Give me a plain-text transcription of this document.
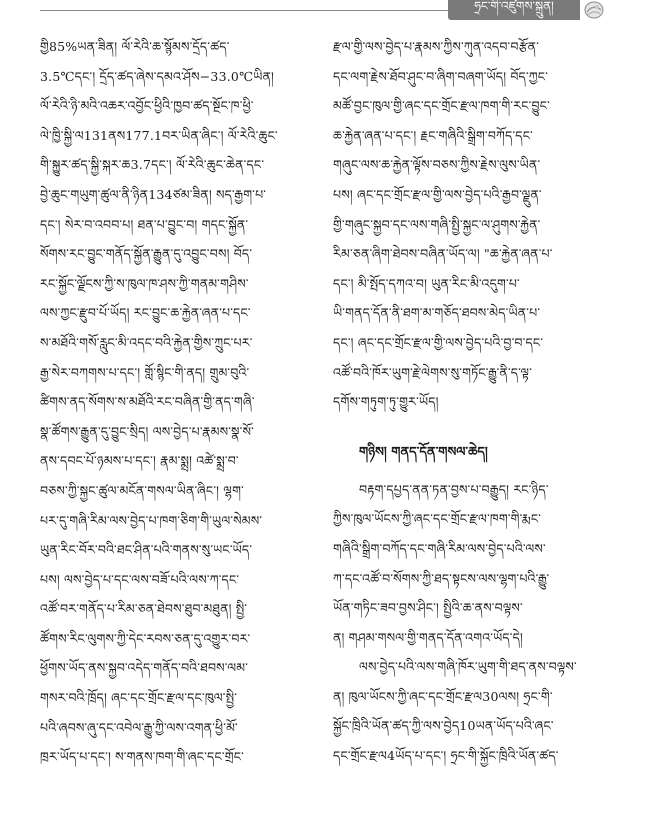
ཧྲང་གི་འཛུགས་སྐྲུན།
གྱི85%ཡན་ཟིན། ལོ་རེའི་ཆ་སྙོམས་དྲོད་ཚད་
3.5℃དང་། དྲོད་ཚད་ཞེས་དམའ་ཤོས−33.0℃ཡིན།
ལོ་རེའི་ཉི་མའི་འཆར་འབྱོང་ཕྱིའི་ཁྱབ་ཚད་སྔོང་ཁ་ཕྱི་
ལེ་ཁྱི་སྐྱི་ལ131ནས177.1བར་ཡིན་ཞིང་། ལོ་རེའི་ཆུང་
གི་སྐྱུར་ཚད་སྐྱི་སྐར་ཆ3.7དང་། ལོ་རེའི་ཆུང་ཆེན་དང་
བྱེ་ཆུང་གཡུག་ཚུལ་ནི་ཉིན134ཙམ་ཟིན། སད་རྒྱག་པ་
དང་། སེར་བ་འབབ་པ། ཐན་པ་བྱུང་བ། གདང་སྐྱོན་
སོགས་རང་བྱུང་གནོད་སྐྱོན་རྒྱུན་དུ་འབྱུང་བས། བོད་
རང་སྐྱོང་ལྗོངས་ཀྱི་ས་ཁུལ་ཁ་ཤས་ཀྱི་གནམ་གཤིས་
ལས་ཀྱང་རྫུབ་པོ་ཡོད། རང་བྱུང་ཆ་རྐྱེན་ཞན་པ་དང་
ས་མཐོའི་གསོ་རླུང་མི་འདང་བའི་རྐྱེན་གྱིས་ཀྲུང་པར་
རྒྱ་སེར་བཀགས་པ་དང་། གློ་སྙིང་གི་ནད། གྲུམ་བུའི་
ཚིགས་ནད་སོགས་ས་མཐོའི་རང་བཞིན་གྱི་ནད་གཞི་
སྣ་ཚོགས་རྒྱུན་དུ་བྱུང་སྲིད། ལས་བྱེད་པ་རྣམས་སྣ་སོ་
ནས་དབང་པོ་ཉམས་པ་དང་། རྣམ་སྨྲ། འཚེ་སྨྲ་བ་
བཅས་ཀྱི་སྐྱང་ཚུལ་མངོན་གསལ་ཡིན་ཞིང་། ལྷག་
པར་དུ་གཞི་རིམ་ལས་བྱེད་པ་ཁག་ཅིག་གི་ཡུལ་སེམས་
ཡུན་རིང་བོར་བའི་ཐང་ཤིན་པའི་གནས་སུ་ཡང་ཡོད་
པས། ལས་བྱེད་པ་དང་ལས་བཟོ་པའི་ལས་ཀ་དང་
འཚོ་བར་གནོད་པ་རིམ་ཅན་ཐེབས་ཐུབ་མཐུན། སྤྱི་
ཚོགས་རིང་ལུགས་ཀྱི་དེང་རབས་ཅན་དུ་འགྱུར་བར་
ཕྱོགས་ཡོད་ནས་སྐྱབ་འདེད་གནོད་བའི་ཐབས་ལམ་
གསར་བའི་ཁྲོད། ཞང་དང་གྲོང་རྫལ་དང་ཁུལ་སྤྱི་
པའི་ཞབས་ཞུ་དང་འབེལ་རྒྱུ་ཀྱི་ལས་འགན་ཕྱི་མོ་
ཁྲར་ཡོད་པ་དང་། ས་གནས་ཁག་གི་ཞང་དང་གྲོང་
རྫལ་གྱི་ལས་བྱེད་པ་རྣམས་ཀྱིས་ཀུན་འདབ་བརྩོན་
དང་ལག་རྗེས་ཐོབ་ཤུང་བ་ཞིག་བཞག་ཡོད། བོད་ཀྱང་
མཚོ་བྱང་ཁུལ་གྱི་ཞང་དང་གྲོང་རྫལ་ཁག་གི་རང་བྱུང་
ཆ་རྐྱེན་ཞན་པ་དང་། རྗང་གཞིའི་སྒྲིག་བཀོད་དང་
གཞུང་ལས་ཆ་རྐྱེན་ལྟོས་བཅས་ཀྱིས་རྗེས་ལུས་ཡིན་
པས། ཞང་དང་གྲོང་རྫལ་གྱི་ལས་བྱེད་པའི་རྒྱབ་ལྗུན་
གྱི་གཞུང་སྐྱབ་དང་ལས་གཞི་སྤྱི་སྐྱང་ལ་ཤུགས་རྐྱེན་
རིམ་ཅན་ཞིག་ཐེབས་བཞིན་ཡོད་ལ། "ཆ་རྐྱེན་ཞན་པ་
དང་། མི་སྤོད་དཀའ་བ། ཡུན་རིང་མི་འདུག་པ་
ཡི་གནད་དོན་ནི་ཐག་མ་གཅོད་ཐབས་མེད་ཡིན་པ་
དང་། ཞང་དང་གྲོང་རྫལ་གྱི་ལས་བྱེད་པའི་བྱ་བ་དང་
འཚོ་བའི་ཁོར་ཡུག་རྗེ་ལེགས་སུ་གཏོང་རྒྱུ་ནི་ད་ལྟ་
དགོས་གཏུག་ཏུ་གྱུར་ཡོད།
གཉིས། གནད་དོན་གསལ་ཆེད།
བརྟག་དཔྱད་ནན་ཏན་བྱས་པ་བརྒྱུད། རང་ཉིད་
ཀྱིས་ཁུལ་ཡོངས་ཀྱི་ཞང་དང་གྲོང་རྫལ་ཁག་གི་རྨང་
གཞིའི་སྒྲིག་བཀོད་དང་གཞི་རིམ་ལས་བྱེད་པའི་ལས་
ཀ་དང་འཚོ་བ་སོགས་ཀྱི་ཐད་སྟངས་ལས་ལྷག་པའི་རྒྱུ་
ཡོན་གཏིང་ཟབ་བྱས་ཤིང་། སྤྱིའི་ཆ་ནས་བལྟས་
ན། གཤམ་གསལ་གྱི་གནད་དོན་འགའ་ཡོད་དེ།
ལས་བྱེད་པའི་ལས་གཞི་ཁོར་ཡུག་གི་ཐད་ནས་བལྟས་
ན། ཁུལ་ཡོངས་ཀྱི་ཞང་དང་གྲོང་རྫལ30ལས། ཧྲང་གི་
སྐྱོང་ཁྲིའི་ཡོན་ཚད་ཀྱི་ལས་བྱེད10ཡན་ཡོད་པའི་ཞང་
དང་གྲོང་རྫལ4ཡོད་པ་དང་། ཧྲང་གི་སྐྱོང་ཁྲིའི་ཡོན་ཚད་
